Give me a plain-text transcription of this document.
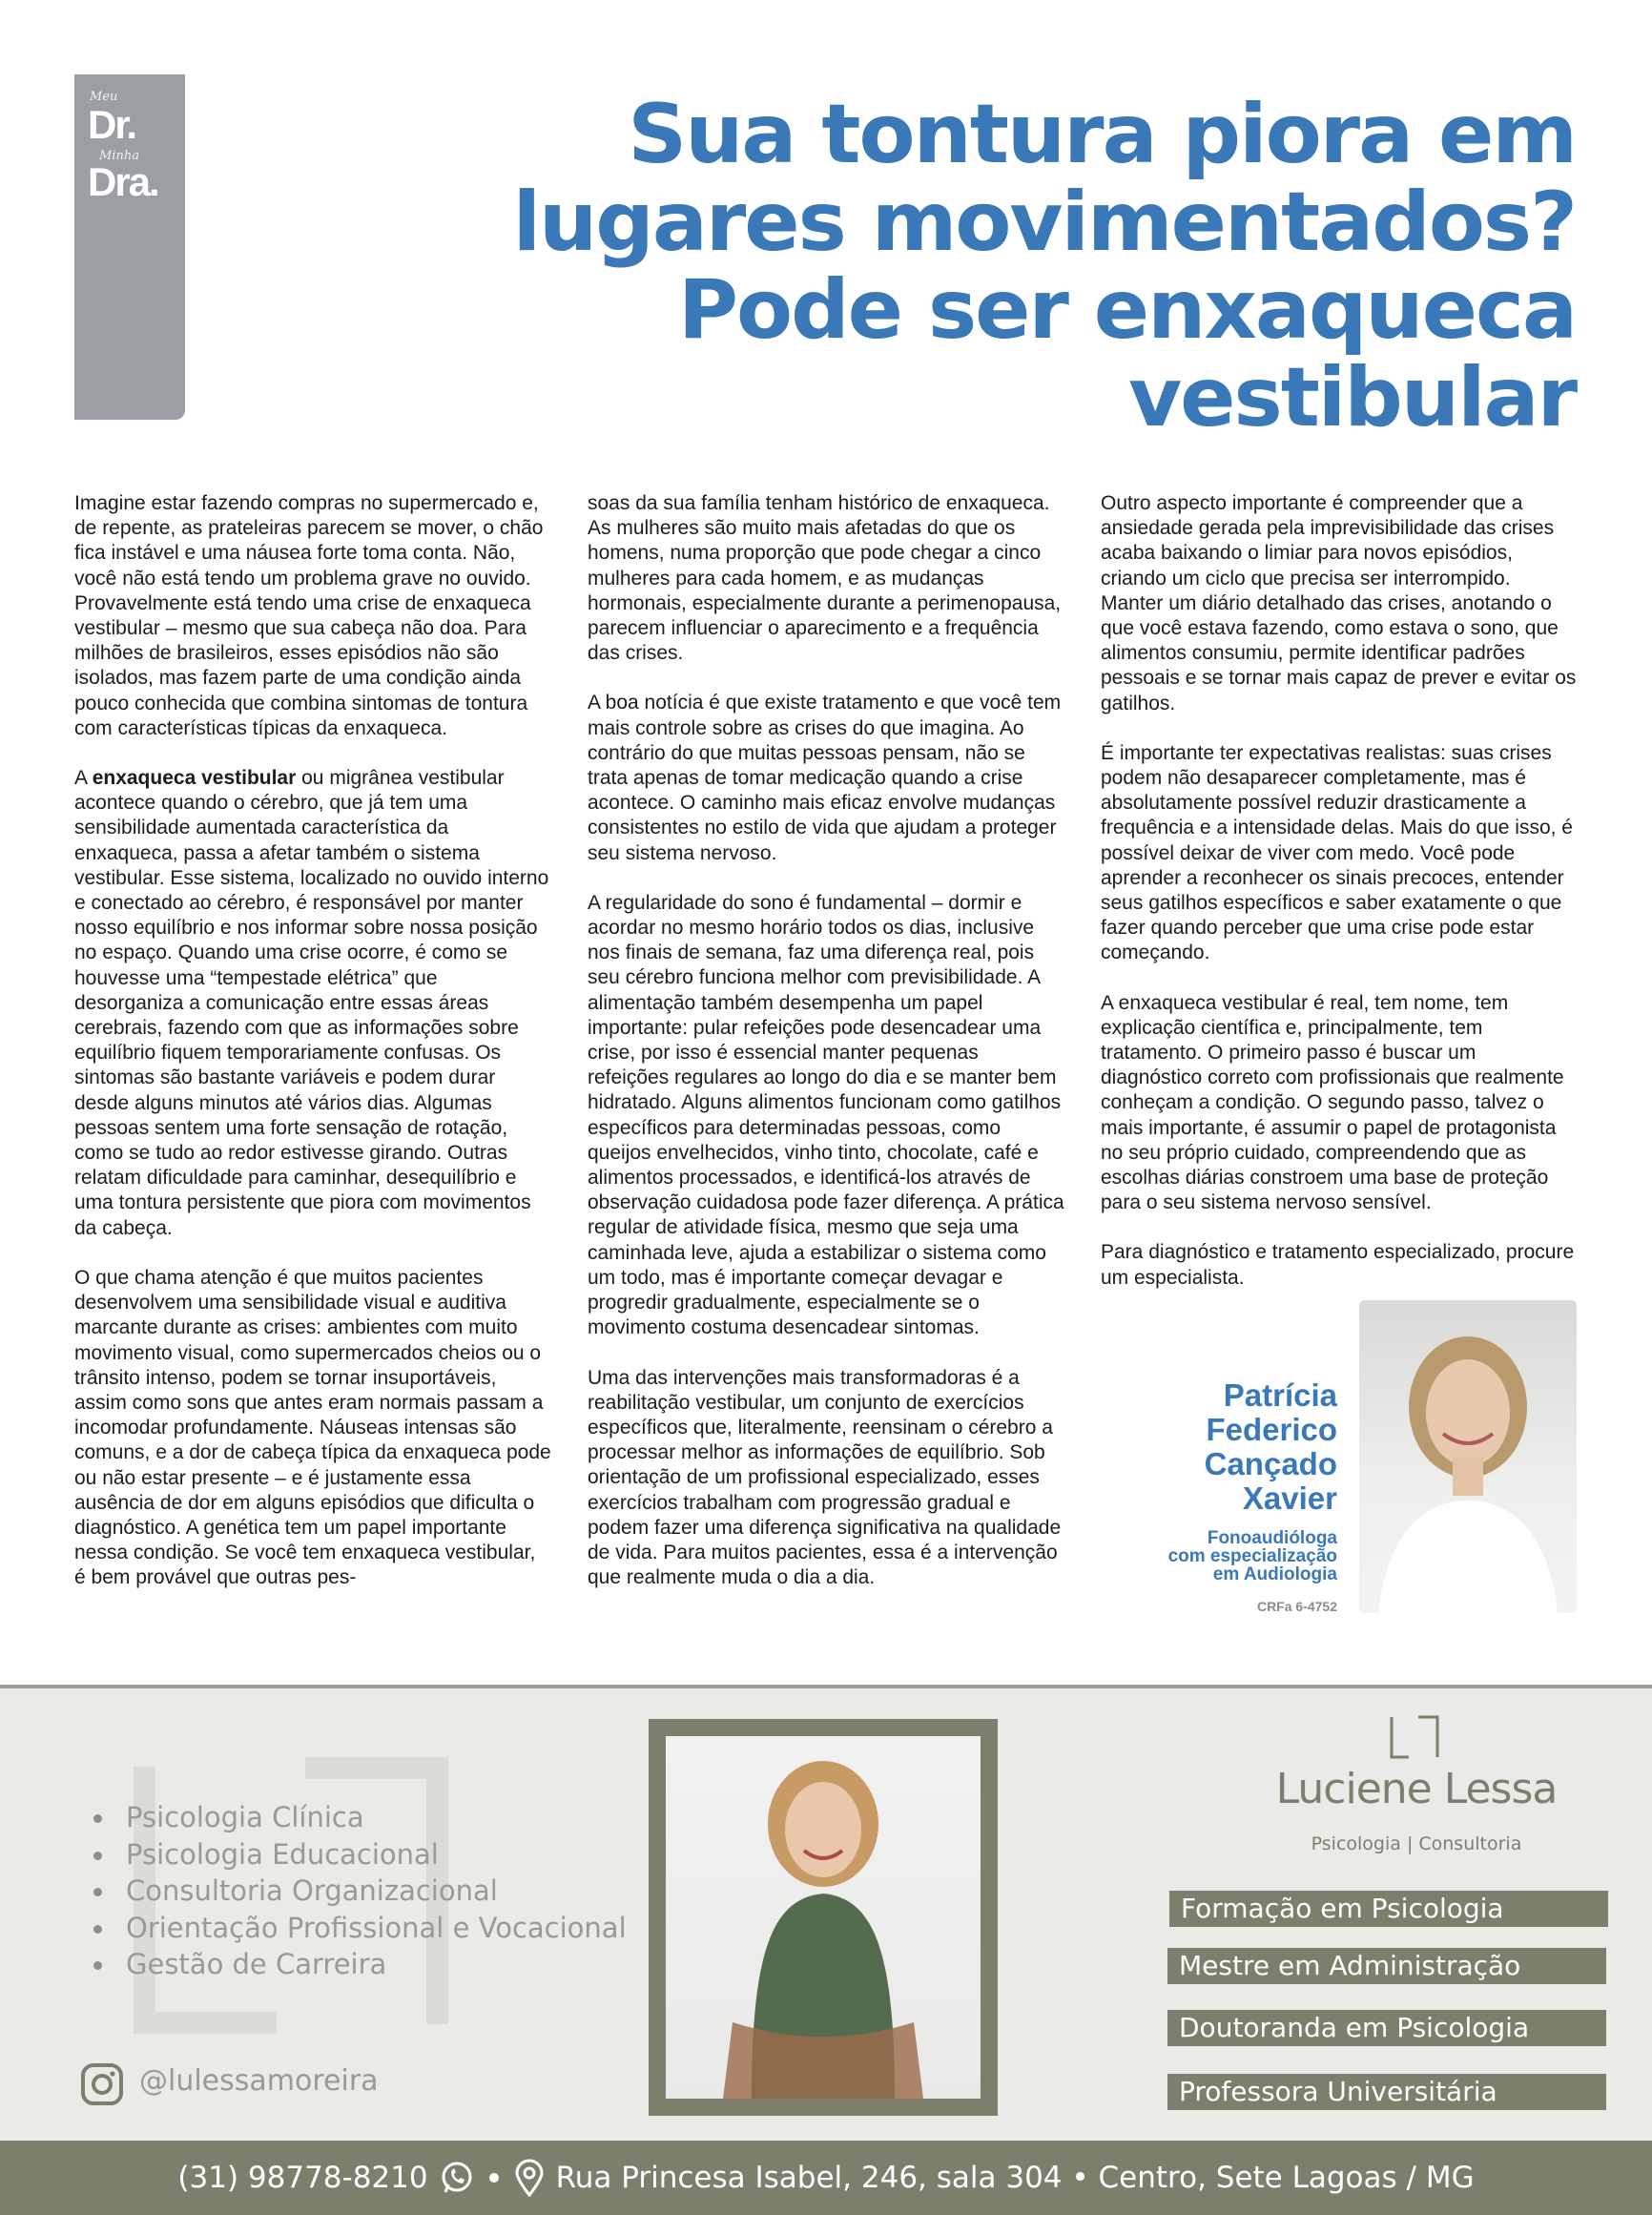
Meu
Dr.
Minha
Dra.	Sua tontura piora em
lugares movimentados?
Pode ser enxaqueca
vestibular

Imagine estar fazendo compras no supermercado e, de repente, as prateleiras parecem se mover, o chão fica instável e uma náusea forte toma conta. Não, você não está tendo um problema grave no ouvido. Provavelmente está tendo uma crise de enxaqueca vestibular – mesmo que sua cabeça não doa. Para milhões de brasileiros, esses episódios não são isolados, mas fazem parte de uma condição ainda pouco conhecida que combina sintomas de tontura com características típicas da enxaqueca.

A enxaqueca vestibular ou migrânea vestibular acontece quando o cérebro, que já tem uma sensibilidade aumentada característica da enxaqueca, passa a afetar também o sistema vestibular. Esse sistema, localizado no ouvido interno e conectado ao cérebro, é responsável por manter nosso equilíbrio e nos informar sobre nossa posição no espaço. Quando uma crise ocorre, é como se houvesse uma “tempestade elétrica” que desorganiza a comunicação entre essas áreas cerebrais, fazendo com que as informações sobre equilíbrio fiquem temporariamente confusas. Os sintomas são bastante variáveis e podem durar desde alguns minutos até vários dias. Algumas pessoas sentem uma forte sensação de rotação, como se tudo ao redor estivesse girando. Outras relatam dificuldade para caminhar, desequilíbrio e uma tontura persistente que piora com movimentos da cabeça.

O que chama atenção é que muitos pacientes desenvolvem uma sensibilidade visual e auditiva marcante durante as crises: ambientes com muito movimento visual, como supermercados cheios ou o trânsito intenso, podem se tornar insuportáveis, assim como sons que antes eram normais passam a incomodar profundamente. Náuseas intensas são comuns, e a dor de cabeça típica da enxaqueca pode ou não estar presente – e é justamente essa ausência de dor em alguns episódios que dificulta o diagnóstico. A genética tem um papel importante nessa condição. Se você tem enxaqueca vestibular, é bem provável que outras pes-

soas da sua família tenham histórico de enxaqueca. As mulheres são muito mais afetadas do que os homens, numa proporção que pode chegar a cinco mulheres para cada homem, e as mudanças hormonais, especialmente durante a perimenopausa, parecem influenciar o aparecimento e a frequência das crises.

A boa notícia é que existe tratamento e que você tem mais controle sobre as crises do que imagina. Ao contrário do que muitas pessoas pensam, não se trata apenas de tomar medicação quando a crise acontece. O caminho mais eficaz envolve mudanças consistentes no estilo de vida que ajudam a proteger seu sistema nervoso.

A regularidade do sono é fundamental – dormir e acordar no mesmo horário todos os dias, inclusive nos finais de semana, faz uma diferença real, pois seu cérebro funciona melhor com previsibilidade. A alimentação também desempenha um papel importante: pular refeições pode desencadear uma crise, por isso é essencial manter pequenas refeições regulares ao longo do dia e se manter bem hidratado. Alguns alimentos funcionam como gatilhos específicos para determinadas pessoas, como queijos envelhecidos, vinho tinto, chocolate, café e alimentos processados, e identificá-los através de observação cuidadosa pode fazer diferença. A prática regular de atividade física, mesmo que seja uma caminhada leve, ajuda a estabilizar o sistema como um todo, mas é importante começar devagar e progredir gradualmente, especialmente se o movimento costuma desencadear sintomas.

Uma das intervenções mais transformadoras é a reabilitação vestibular, um conjunto de exercícios específicos que, literalmente, reensinam o cérebro a processar melhor as informações de equilíbrio. Sob orientação de um profissional especializado, esses exercícios trabalham com progressão gradual e podem fazer uma diferença significativa na qualidade de vida. Para muitos pacientes, essa é a intervenção que realmente muda o dia a dia.

Outro aspecto importante é compreender que a ansiedade gerada pela imprevisibilidade das crises acaba baixando o limiar para novos episódios, criando um ciclo que precisa ser interrompido. Manter um diário detalhado das crises, anotando o que você estava fazendo, como estava o sono, que alimentos consumiu, permite identificar padrões pessoais e se tornar mais capaz de prever e evitar os gatilhos.

É importante ter expectativas realistas: suas crises podem não desaparecer completamente, mas é absolutamente possível reduzir drasticamente a frequência e a intensidade delas. Mais do que isso, é possível deixar de viver com medo. Você pode aprender a reconhecer os sinais precoces, entender seus gatilhos específicos e saber exatamente o que fazer quando perceber que uma crise pode estar começando.

A enxaqueca vestibular é real, tem nome, tem explicação científica e, principalmente, tem tratamento. O primeiro passo é buscar um diagnóstico correto com profissionais que realmente conheçam a condição. O segundo passo, talvez o mais importante, é assumir o papel de protagonista no seu próprio cuidado, compreendendo que as escolhas diárias constroem uma base de proteção para o seu sistema nervoso sensível.

Para diagnóstico e tratamento especializado, procure um especialista.

Patrícia
Federico
Cançado
Xavier
Fonoaudióloga
com especialização
em Audiologia
CRFa 6-4752
Psicologia Clínica
Psicologia Educacional
Consultoria Organizacional
Orientação Profissional e Vocacional
Gestão de Carreira
Luciene Lessa
Psicologia | Consultoria
Formação em Psicologia
Mestre em Administração
Doutoranda em Psicologia
Professora Universitária
@lulessamoreira
(31) 98778-8210	Rua Princesa Isabel, 246, sala 304 • Centro, Sete Lagoas / MG
